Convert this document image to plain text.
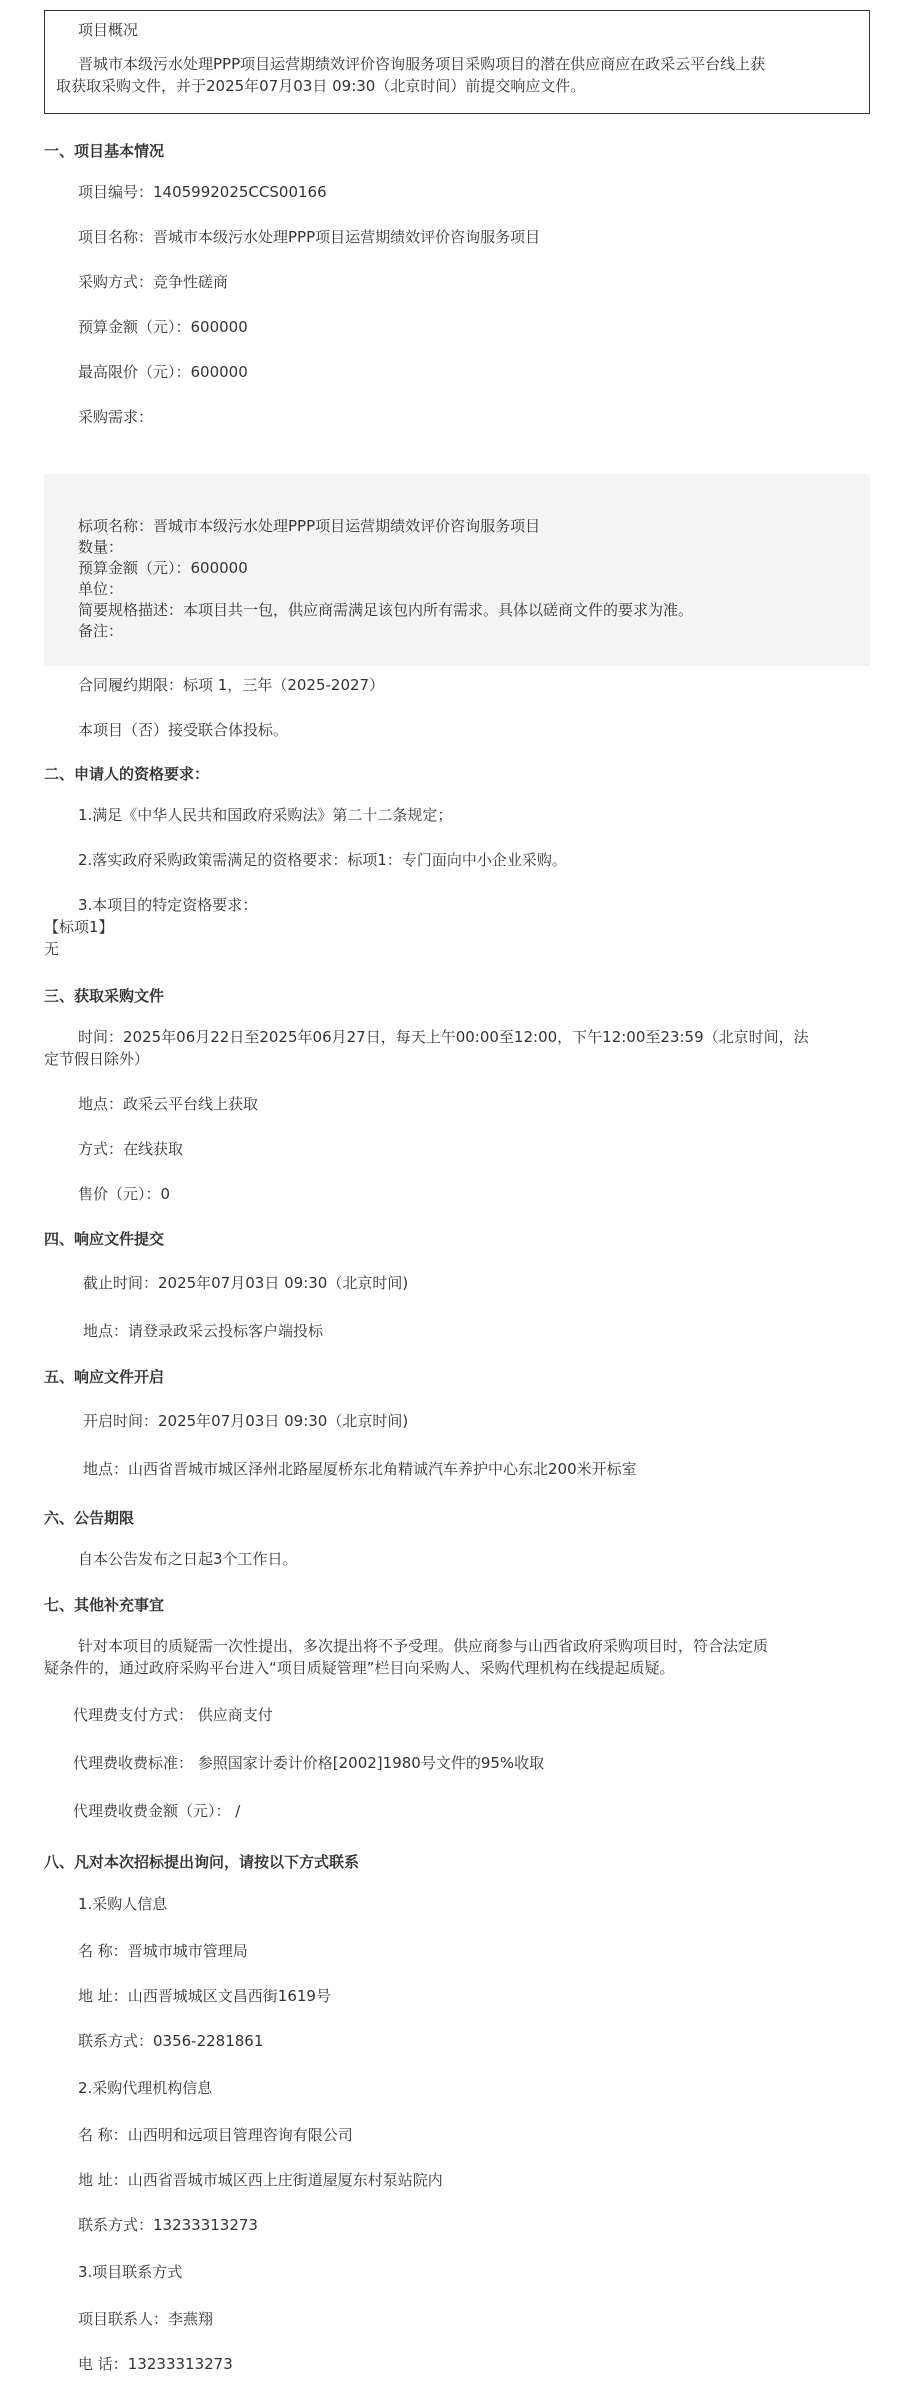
项目概况
晋城市本级污水处理PPP项目运营期绩效评价咨询服务项目采购项目的潜在供应商应在政采云平台线上获
取获取采购文件，并于2025年07月03日 09:30（北京时间）前提交响应文件。
一、项目基本情况
项目编号：1405992025CCS00166
项目名称：晋城市本级污水处理PPP项目运营期绩效评价咨询服务项目
采购方式：竞争性磋商
预算金额（元）：600000
最高限价（元）：600000
采购需求：
标项名称：晋城市本级污水处理PPP项目运营期绩效评价咨询服务项目
数量：
预算金额（元）：600000
单位：
简要规格描述：本项目共一包，供应商需满足该包内所有需求。具体以磋商文件的要求为准。
备注：
合同履约期限：标项 1，三年（2025-2027）
本项目（否）接受联合体投标。
二、申请人的资格要求：
1.满足《中华人民共和国政府采购法》第二十二条规定；
2.落实政府采购政策需满足的资格要求：标项1：专门面向中小企业采购。
3.本项目的特定资格要求：
【标项1】
无
三、获取采购文件
时间：2025年06月22日至2025年06月27日，每天上午00:00至12:00，下午12:00至23:59（北京时间，法
定节假日除外）
地点：政采云平台线上获取
方式：在线获取
售价（元）：0
四、响应文件提交
截止时间：2025年07月03日 09:30（北京时间)
地点：请登录政采云投标客户端投标
五、响应文件开启
开启时间：2025年07月03日 09:30（北京时间)
地点：山西省晋城市城区泽州北路屋厦桥东北角精诚汽车养护中心东北200米开标室
六、公告期限
自本公告发布之日起3个工作日。
七、其他补充事宜
针对本项目的质疑需一次性提出，多次提出将不予受理。供应商参与山西省政府采购项目时，符合法定质
疑条件的，通过政府采购平台进入“项目质疑管理”栏目向采购人、采购代理机构在线提起质疑。
代理费支付方式： 供应商支付
代理费收费标准： 参照国家计委计价格[2002]1980号文件的95%收取
代理费收费金额（元）： /
八、凡对本次招标提出询问，请按以下方式联系
1.采购人信息
名 称：晋城市城市管理局
地 址：山西晋城城区文昌西街1619号
联系方式：0356-2281861
2.采购代理机构信息
名 称：山西明和远项目管理咨询有限公司
地 址：山西省晋城市城区西上庄街道屋厦东村泵站院内
联系方式：13233313273
3.项目联系方式
项目联系人：李燕翔
电 话：13233313273
